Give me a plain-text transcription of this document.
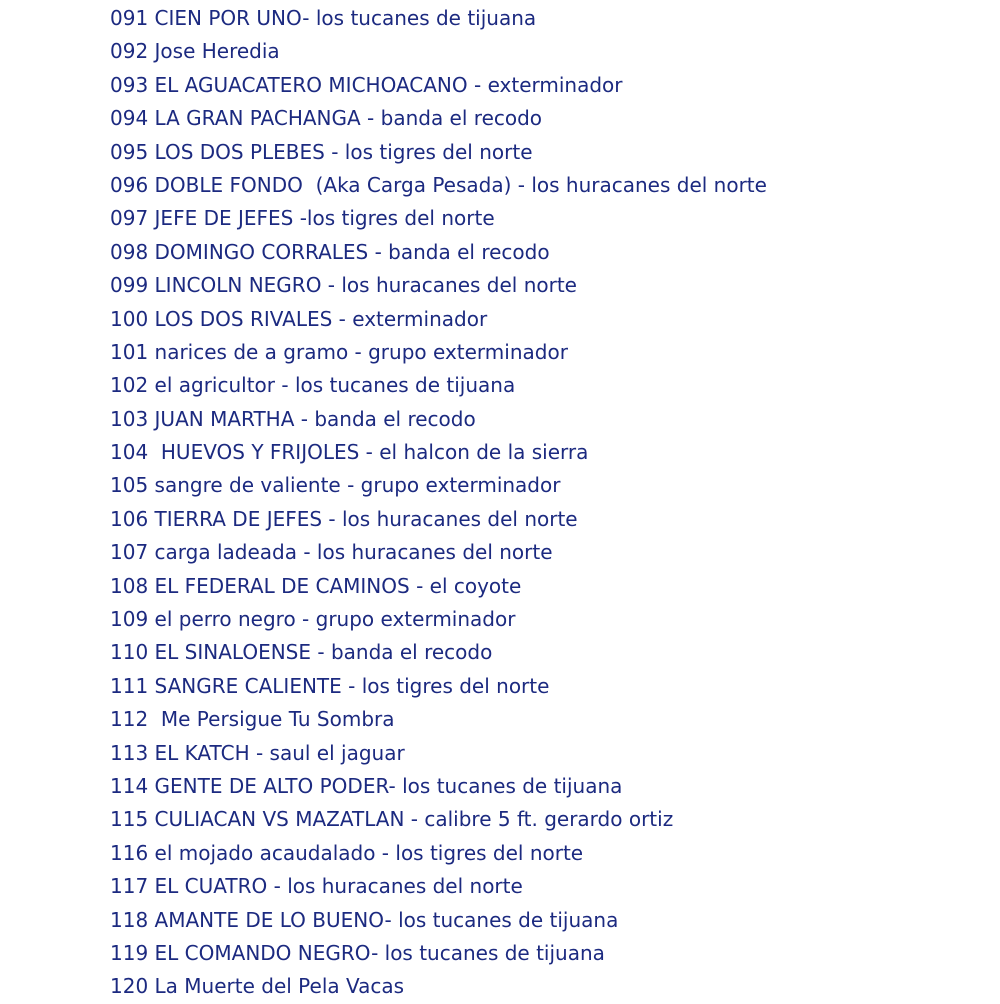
091 CIEN POR UNO- los tucanes de tijuana
092 Jose Heredia
093 EL AGUACATERO MICHOACANO - exterminador
094 LA GRAN PACHANGA - banda el recodo
095 LOS DOS PLEBES - los tigres del norte
096 DOBLE FONDO  (Aka Carga Pesada) - los huracanes del norte
097 JEFE DE JEFES -los tigres del norte
098 DOMINGO CORRALES - banda el recodo
099 LINCOLN NEGRO - los huracanes del norte
100 LOS DOS RIVALES - exterminador
101 narices de a gramo - grupo exterminador
102 el agricultor - los tucanes de tijuana
103 JUAN MARTHA - banda el recodo
104  HUEVOS Y FRIJOLES - el halcon de la sierra
105 sangre de valiente - grupo exterminador
106 TIERRA DE JEFES - los huracanes del norte
107 carga ladeada - los huracanes del norte
108 EL FEDERAL DE CAMINOS - el coyote
109 el perro negro - grupo exterminador
110 EL SINALOENSE - banda el recodo
111 SANGRE CALIENTE - los tigres del norte
112  Me Persigue Tu Sombra
113 EL KATCH - saul el jaguar
114 GENTE DE ALTO PODER- los tucanes de tijuana
115 CULIACAN VS MAZATLAN - calibre 5 ft. gerardo ortiz
116 el mojado acaudalado - los tigres del norte
117 EL CUATRO - los huracanes del norte
118 AMANTE DE LO BUENO- los tucanes de tijuana
119 EL COMANDO NEGRO- los tucanes de tijuana
120 La Muerte del Pela Vacas
